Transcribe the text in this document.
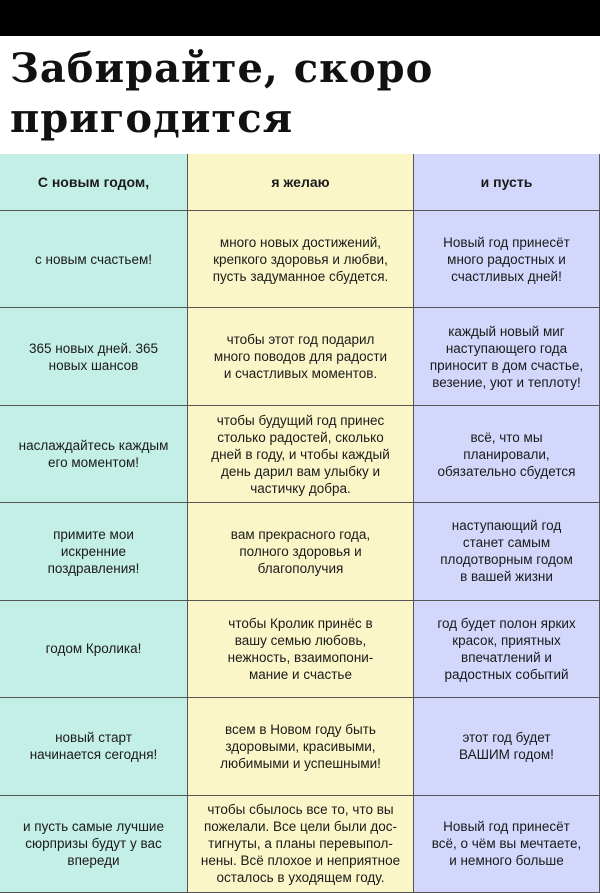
Забирайте, скоро
пригодится
С новым годом,	я желаю	и пусть
с новым счастьем!
много новых достижений,
крепкого здоровья и любви,
пусть задуманное сбудется.
Новый год принесёт
много радостных и
счастливых дней!
365 новых дней. 365
новых шансов
чтобы этот год подарил
много поводов для радости
и счастливых моментов.
каждый новый миг
наступающего года
приносит в дом счастье,
везение, уют и теплоту!
наслаждайтесь каждым
его моментом!
чтобы будущий год принес
столько радостей, сколько
дней в году, и чтобы каждый
день дарил вам улыбку и
частичку добра.
всё, что мы
планировали,
обязательно сбудется
примите мои
искренние
поздравления!
вам прекрасного года,
полного здоровья и
благополучия
наступающий год
станет самым
плодотворным годом
в вашей жизни
годом Кролика!
чтобы Кролик принёс в
вашу семью любовь,
нежность, взаимопони-
мание и счастье
год будет полон ярких
красок, приятных
впечатлений и
радостных событий
новый старт
начинается сегодня!
всем в Новом году быть
здоровыми, красивыми,
любимыми и успешными!
этот год будет
ВАШИМ годом!
и пусть самые лучшие
сюрпризы будут у вас
впереди
чтобы сбылось все то, что вы
пожелали. Все цели были дос-
тигнуты, а планы перевыпол-
нены. Всё плохое и неприятное
осталось в уходящем году.
Новый год принесёт
всё, о чём вы мечтаете,
и немного больше
